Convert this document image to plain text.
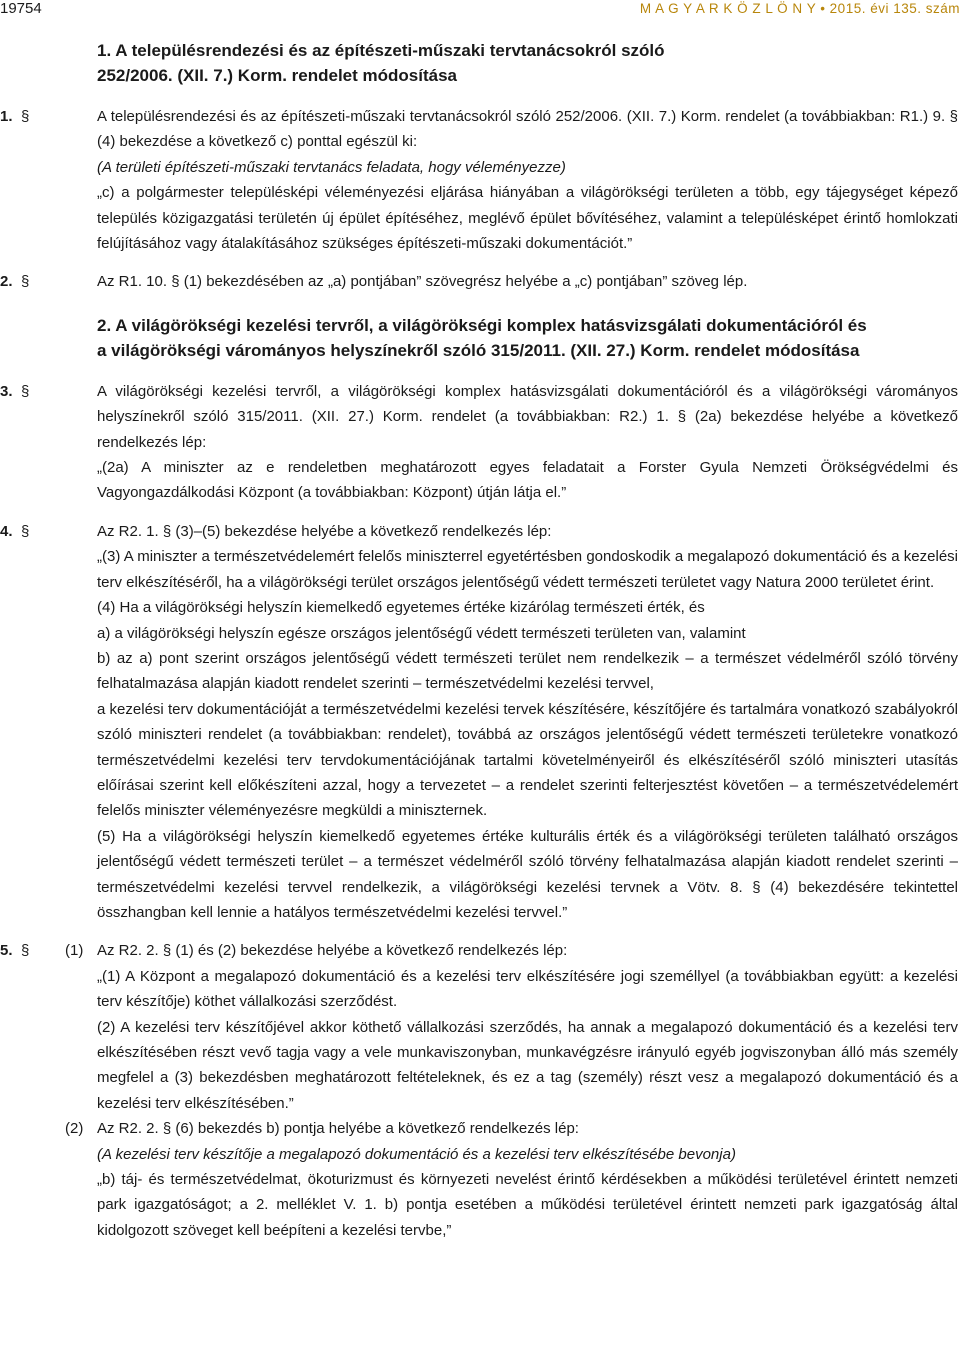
19754	M A G Y A R K Ö Z L Ö N Y • 2015. évi 135. szám
1. A településrendezési és az építészeti-műszaki tervtanácsokról szóló
252/2006. (XII. 7.) Korm. rendelet módosítása
1. §	A településrendezési és az építészeti-műszaki tervtanácsokról szóló 252/2006. (XII. 7.) Korm. rendelet (a továbbiakban: R1.) 9. § (4) bekezdése a következő c) ponttal egészül ki:

(A területi építészeti-műszaki tervtanács feladata, hogy véleményezze)

„c) a polgármester településképi véleményezési eljárása hiányában a világörökségi területen a több, egy tájegységet képező település közigazgatási területén új épület építéséhez, meglévő épület bővítéséhez, valamint a településképet érintő homlokzati felújításához vagy átalakításához szükséges építészeti-műszaki dokumentációt.”

2. §	Az R1. 10. § (1) bekezdésében az „a) pontjában” szövegrész helyébe a „c) pontjában” szöveg lép.

2. A világörökségi kezelési tervről, a világörökségi komplex hatásvizsgálati dokumentációról és
a világörökségi várományos helyszínekről szóló 315/2011. (XII. 27.) Korm. rendelet módosítása
3. §	A világörökségi kezelési tervről, a világörökségi komplex hatásvizsgálati dokumentációról és a világörökségi várományos helyszínekről szóló 315/2011. (XII. 27.) Korm. rendelet (a továbbiakban: R2.) 1. § (2a) bekezdése helyébe a következő rendelkezés lép:

„(2a) A miniszter az e rendeletben meghatározott egyes feladatait a Forster Gyula Nemzeti Örökségvédelmi és Vagyongazdálkodási Központ (a továbbiakban: Központ) útján látja el.”

4. §	Az R2. 1. § (3)–(5) bekezdése helyébe a következő rendelkezés lép:

„(3) A miniszter a természetvédelemért felelős miniszterrel egyetértésben gondoskodik a megalapozó dokumentáció és a kezelési terv elkészítéséről, ha a világörökségi terület országos jelentőségű védett természeti területet vagy Natura 2000 területet érint.

(4) Ha a világörökségi helyszín kiemelkedő egyetemes értéke kizárólag természeti érték, és

a) a világörökségi helyszín egésze országos jelentőségű védett természeti területen van, valamint

b) az a) pont szerint országos jelentőségű védett természeti terület nem rendelkezik – a természet védelméről szóló törvény felhatalmazása alapján kiadott rendelet szerinti – természetvédelmi kezelési tervvel,

a kezelési terv dokumentációját a természetvédelmi kezelési tervek készítésére, készítőjére és tartalmára vonatkozó szabályokról szóló miniszteri rendelet (a továbbiakban: rendelet), továbbá az országos jelentőségű védett természeti területekre vonatkozó természetvédelmi kezelési terv tervdokumentációjának tartalmi követelményeiről és elkészítéséről szóló miniszteri utasítás előírásai szerint kell előkészíteni azzal, hogy a tervezetet – a rendelet szerinti felterjesztést követően – a természetvédelemért felelős miniszter véleményezésre megküldi a miniszternek.

(5) Ha a világörökségi helyszín kiemelkedő egyetemes értéke kulturális érték és a világörökségi területen található országos jelentőségű védett természeti terület – a természet védelméről szóló törvény felhatalmazása alapján kiadott rendelet szerinti – természetvédelmi kezelési tervvel rendelkezik, a világörökségi kezelési tervnek a Vötv. 8. § (4) bekezdésére tekintettel összhangban kell lennie a hatályos természetvédelmi kezelési tervvel.”

5. § (1) Az R2. 2. § (1) és (2) bekezdése helyébe a következő rendelkezés lép:

„(1) A Központ a megalapozó dokumentáció és a kezelési terv elkészítésére jogi személlyel (a továbbiakban együtt: a kezelési terv készítője) köthet vállalkozási szerződést.

(2) A kezelési terv készítőjével akkor köthető vállalkozási szerződés, ha annak a megalapozó dokumentáció és a kezelési terv elkészítésében részt vevő tagja vagy a vele munkaviszonyban, munkavégzésre irányuló egyéb jogviszonyban álló más személy megfelel a (3) bekezdésben meghatározott feltételeknek, és ez a tag (személy) részt vesz a megalapozó dokumentáció és a kezelési terv elkészítésében.”

(2) Az R2. 2. § (6) bekezdés b) pontja helyébe a következő rendelkezés lép:

(A kezelési terv készítője a megalapozó dokumentáció és a kezelési terv elkészítésébe bevonja)

„b) táj- és természetvédelmat, ökoturizmust és környezeti nevelést érintő kérdésekben a működési területével érintett nemzeti park igazgatóságot; a 2. melléklet V. 1. b) pontja esetében a működési területével érintett nemzeti park igazgatóság által kidolgozott szöveget kell beépíteni a kezelési tervbe,”
